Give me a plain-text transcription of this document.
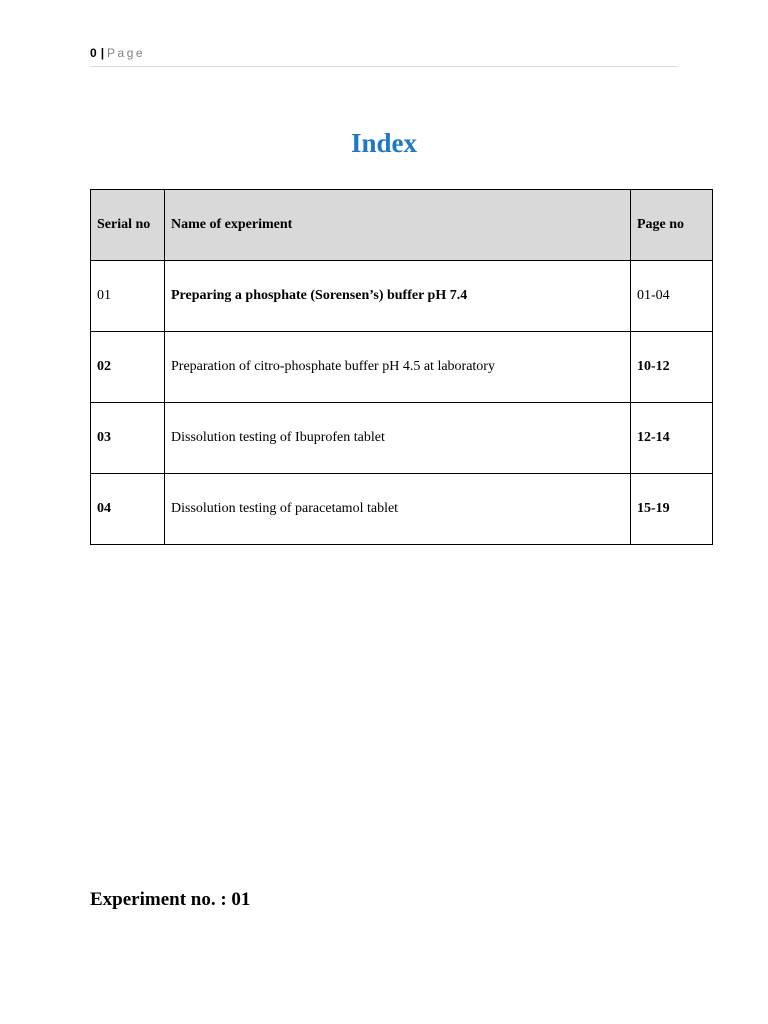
0 | Page
Index
Serial no	Name of experiment	Page no
01	Preparing a phosphate (Sorensen’s) buffer pH 7.4	01-04
02	Preparation of citro-phosphate buffer pH 4.5 at laboratory	10-12
03	Dissolution testing of Ibuprofen tablet	12-14
04	Dissolution testing of paracetamol tablet	15-19
Experiment no. : 01
